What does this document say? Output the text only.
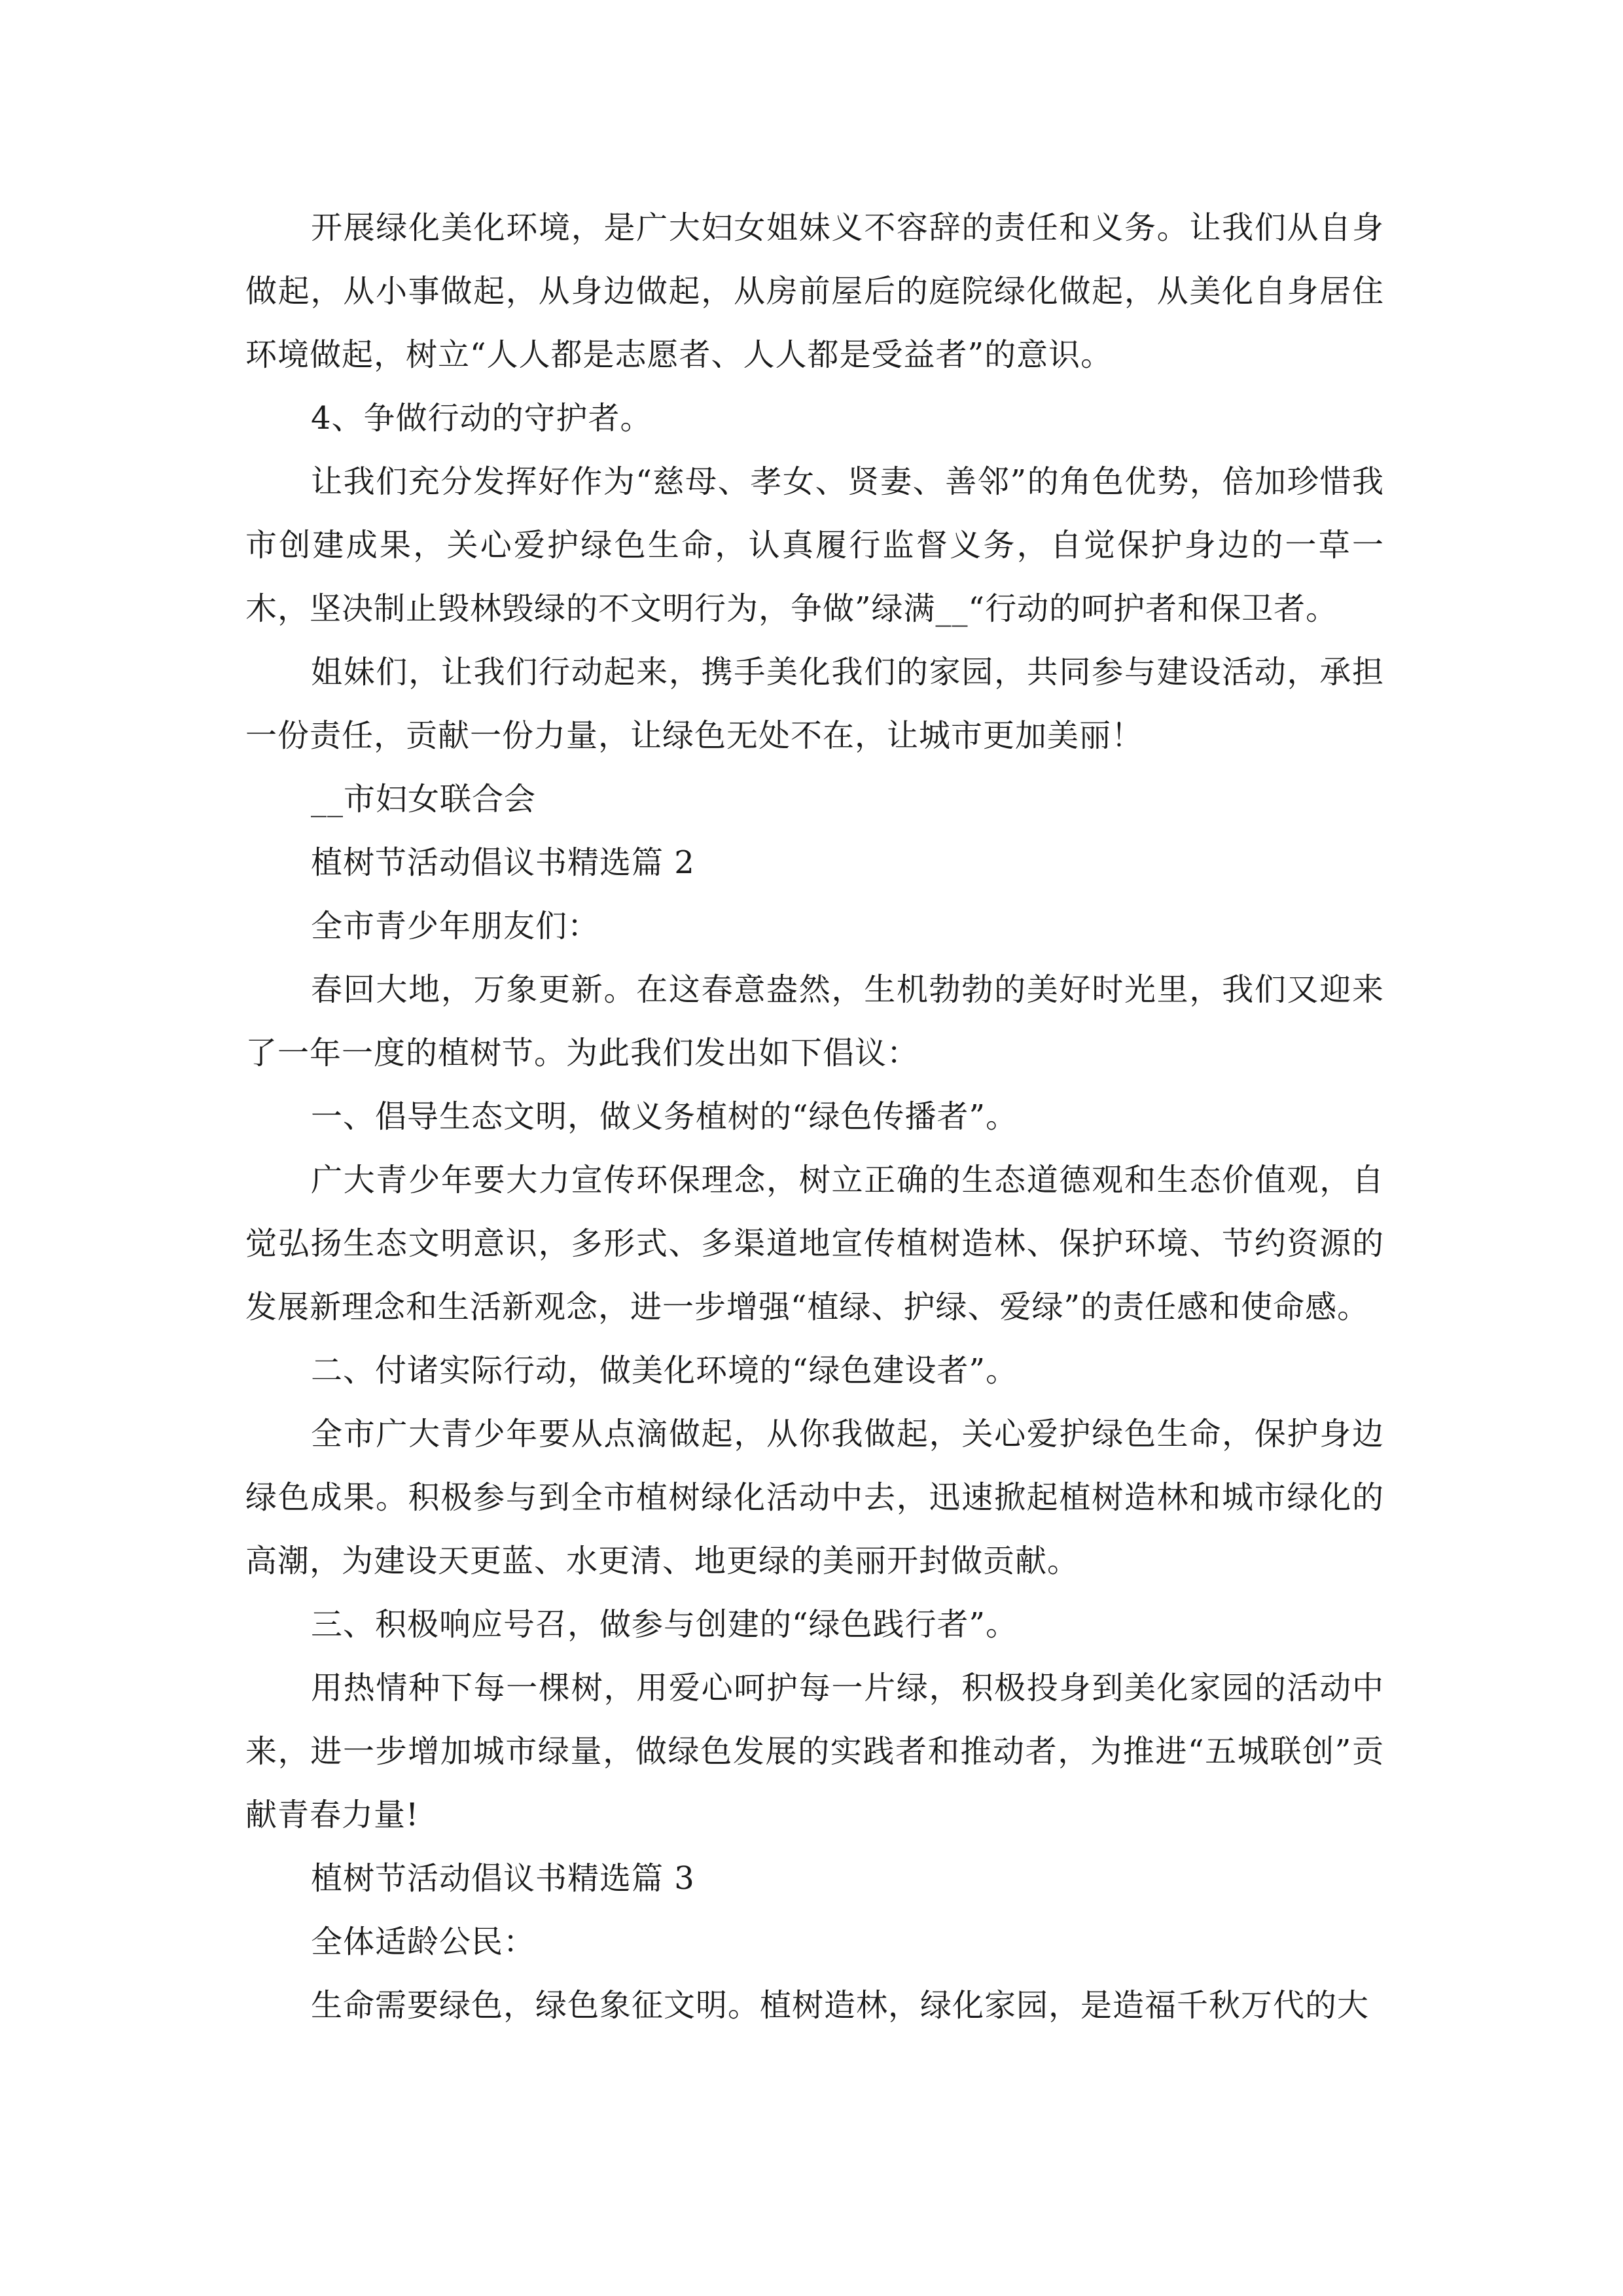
开展绿化美化环境，是广大妇女姐妹义不容辞的责任和义务。让我们从自身做起，从小事做起，从身边做起，从房前屋后的庭院绿化做起，从美化自身居住环境做起，树立“人人都是志愿者、人人都是受益者”的意识。

4、争做行动的守护者。

让我们充分发挥好作为“慈母、孝女、贤妻、善邻”的角色优势，倍加珍惜我市创建成果，关心爱护绿色生命，认真履行监督义务，自觉保护身边的一草一木，坚决制止毁林毁绿的不文明行为，争做”绿满__“行动的呵护者和保卫者。

姐妹们，让我们行动起来，携手美化我们的家园，共同参与建设活动，承担一份责任，贡献一份力量，让绿色无处不在，让城市更加美丽！

__市妇女联合会

植树节活动倡议书精选篇 2

全市青少年朋友们：

春回大地，万象更新。在这春意盎然，生机勃勃的美好时光里，我们又迎来了一年一度的植树节。为此我们发出如下倡议：

一、倡导生态文明，做义务植树的“绿色传播者”。

广大青少年要大力宣传环保理念，树立正确的生态道德观和生态价值观，自觉弘扬生态文明意识，多形式、多渠道地宣传植树造林、保护环境、节约资源的发展新理念和生活新观念，进一步增强“植绿、护绿、爱绿”的责任感和使命感。

二、付诸实际行动，做美化环境的“绿色建设者”。

全市广大青少年要从点滴做起，从你我做起，关心爱护绿色生命，保护身边绿色成果。积极参与到全市植树绿化活动中去，迅速掀起植树造林和城市绿化的高潮，为建设天更蓝、水更清、地更绿的美丽开封做贡献。

三、积极响应号召，做参与创建的“绿色践行者”。

用热情种下每一棵树，用爱心呵护每一片绿，积极投身到美化家园的活动中来，进一步增加城市绿量，做绿色发展的实践者和推动者，为推进“五城联创”贡献青春力量!

植树节活动倡议书精选篇 3

全体适龄公民：

生命需要绿色，绿色象征文明。植树造林，绿化家园，是造福千秋万代的大
